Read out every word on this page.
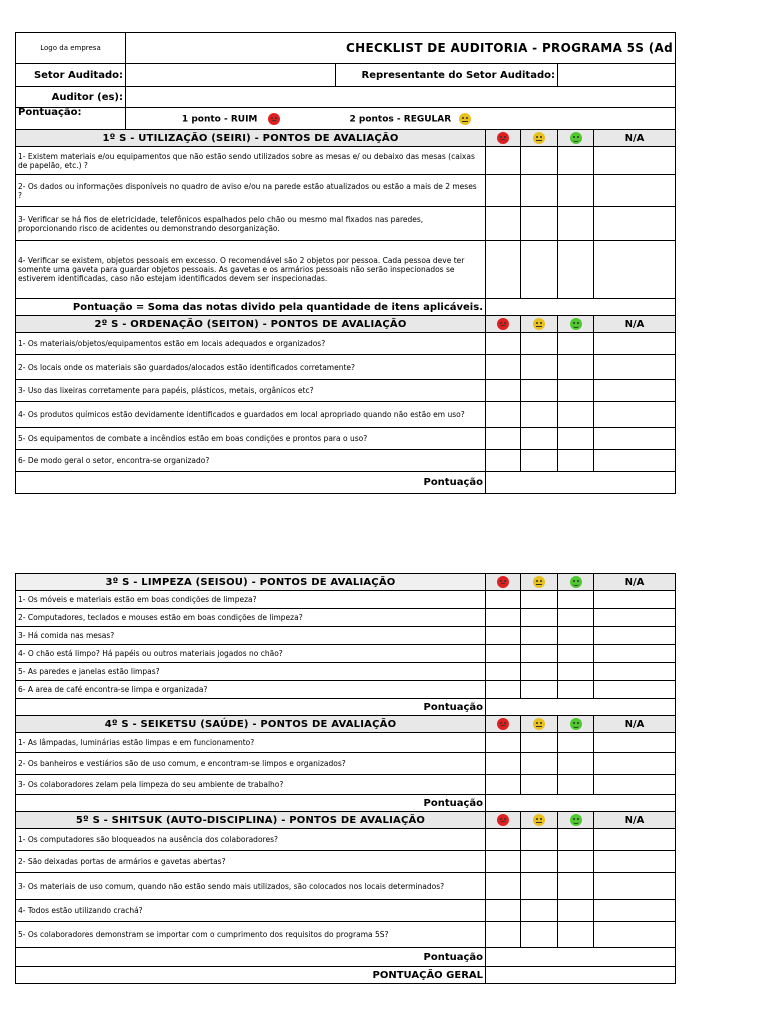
Logo da empresa	CHECKLIST DE AUDITORIA - PROGRAMA 5S (Ad					
Setor Auditado:		Representante do Setor Auditado:				
Auditor (es):						
Pontuação:	1 ponto - RUIM	2 pontos - REGULAR				
1º S - UTILIZAÇÃO (SEIRI) - PONTOS DE AVALIAÇÃO						N/A
1- Existem materiais e/ou equipamentos que não estão sendo utilizados sobre as mesas e/ ou debaixo das mesas (caixas de papelão, etc.) ?						
2- Os dados ou informações disponíveis no quadro de aviso e/ou na parede estão atualizados ou estão a mais de 2 meses ?						
3- Verificar se há fios de eletricidade, telefônicos espalhados pelo chão ou mesmo mal fixados nas paredes, proporcionando risco de acidentes ou demonstrando desorganização.						
4- Verificar se existem, objetos pessoais em excesso. O recomendável são 2 objetos por pessoa. Cada pessoa deve ter somente uma gaveta para guardar objetos pessoais. As gavetas e os armários pessoais não serão inspecionados se estiverem identificadas, caso não estejam identificados devem ser inspecionadas.						
Pontuação = Soma das notas divido pela quantidade de itens aplicáveis.						
2º S - ORDENAÇÃO (SEITON) - PONTOS DE AVALIAÇÃO						N/A
1- Os materiais/objetos/equipamentos estão em locais adequados e organizados?						
2- Os locais onde os materiais são guardados/alocados estão identificados corretamente?						
3- Uso das lixeiras corretamente para papéis, plásticos, metais, orgânicos etc?						
4- Os produtos químicos estão devidamente identificados e guardados em local apropriado quando não estão em uso?						
5- Os equipamentos de combate a incêndios estão em boas condições e prontos para o uso?						
6- De modo geral o setor, encontra-se organizado?						
Pontuação						
3º S - LIMPEZA (SEISOU) - PONTOS DE AVALIAÇÃO				N/A
1- Os móveis e materiais estão em boas condições de limpeza?				
2- Computadores, teclados e mouses estão em boas condições de limpeza?				
3- Há comida nas mesas?				
4- O chão está limpo? Há papéis ou outros materiais jogados no chão?				
5- As paredes e janelas estão limpas?				
6- A area de café encontra-se limpa e organizada?				
Pontuação				
4º S - SEIKETSU (SAÚDE) - PONTOS DE AVALIAÇÃO				N/A
1- As lâmpadas, luminárias estão limpas e em funcionamento?				
2- Os banheiros e vestiários são de uso comum, e encontram-se limpos e organizados?				
3- Os colaboradores zelam pela limpeza do seu ambiente de trabalho?				
Pontuação				
5º S - SHITSUK (AUTO-DISCIPLINA) - PONTOS DE AVALIAÇÃO				N/A
1- Os computadores são bloqueados na ausência dos colaboradores?				
2- São deixadas portas de armários e gavetas abertas?				
3- Os materiais de uso comum, quando não estão sendo mais utilizados, são colocados nos locais determinados?				
4- Todos estão utilizando crachá?				
5- Os colaboradores demonstram se importar com o cumprimento dos requisitos do programa 5S?				
Pontuação				
PONTUAÇÃO GERAL				
